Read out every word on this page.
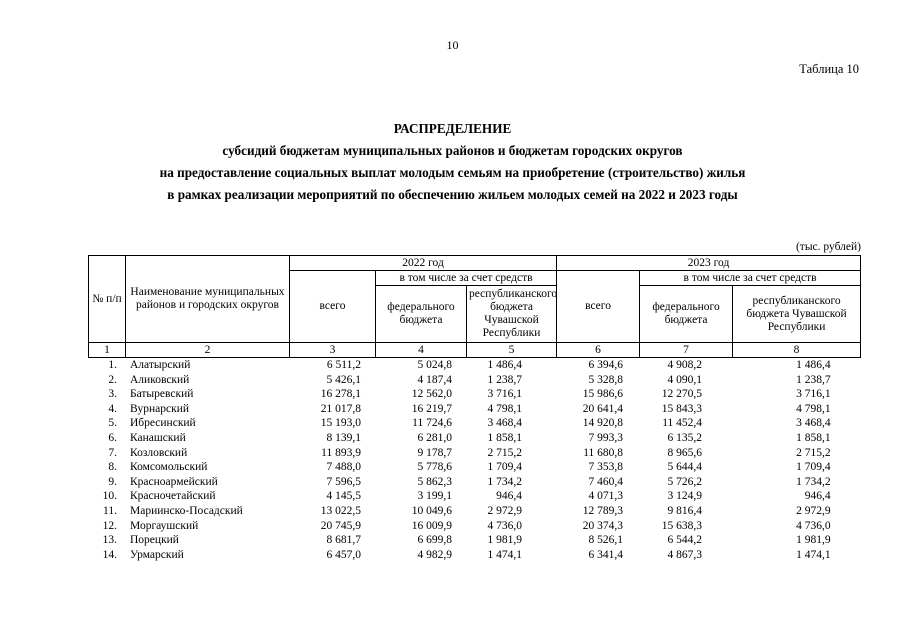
10
Таблица 10
РАСПРЕДЕЛЕНИЕ
субсидий бюджетам муниципальных районов и бюджетам городских округов
на предоставление социальных выплат молодым семьям на приобретение (строительство) жилья
в рамках реализации мероприятий по обеспечению жильем молодых семей на 2022 и 2023 годы
(тыс. рублей)
№ п/п	Наименование муниципальных районов и городских округов	2022 год			2023 год		
		всего	в том числе за счет средств		всего	в том числе за счет средств	
			федерального бюджета	республиканского бюджета Чувашской Республики		федерального бюджета	республиканского бюджета Чувашской Республики
1	2	3	4	5	6	7	8
1.	Алатырский	6 511,2	5 024,8	1 486,4	6 394,6	4 908,2	1 486,4
2.	Аликовский	5 426,1	4 187,4	1 238,7	5 328,8	4 090,1	1 238,7
3.	Батыревский	16 278,1	12 562,0	3 716,1	15 986,6	12 270,5	3 716,1
4.	Вурнарский	21 017,8	16 219,7	4 798,1	20 641,4	15 843,3	4 798,1
5.	Ибресинский	15 193,0	11 724,6	3 468,4	14 920,8	11 452,4	3 468,4
6.	Канашский	8 139,1	6 281,0	1 858,1	7 993,3	6 135,2	1 858,1
7.	Козловский	11 893,9	9 178,7	2 715,2	11 680,8	8 965,6	2 715,2
8.	Комсомольский	7 488,0	5 778,6	1 709,4	7 353,8	5 644,4	1 709,4
9.	Красноармейский	7 596,5	5 862,3	1 734,2	7 460,4	5 726,2	1 734,2
10.	Красночетайский	4 145,5	3 199,1	946,4	4 071,3	3 124,9	946,4
11.	Мариинско-Посадский	13 022,5	10 049,6	2 972,9	12 789,3	9 816,4	2 972,9
12.	Моргаушский	20 745,9	16 009,9	4 736,0	20 374,3	15 638,3	4 736,0
13.	Порецкий	8 681,7	6 699,8	1 981,9	8 526,1	6 544,2	1 981,9
14.	Урмарский	6 457,0	4 982,9	1 474,1	6 341,4	4 867,3	1 474,1
